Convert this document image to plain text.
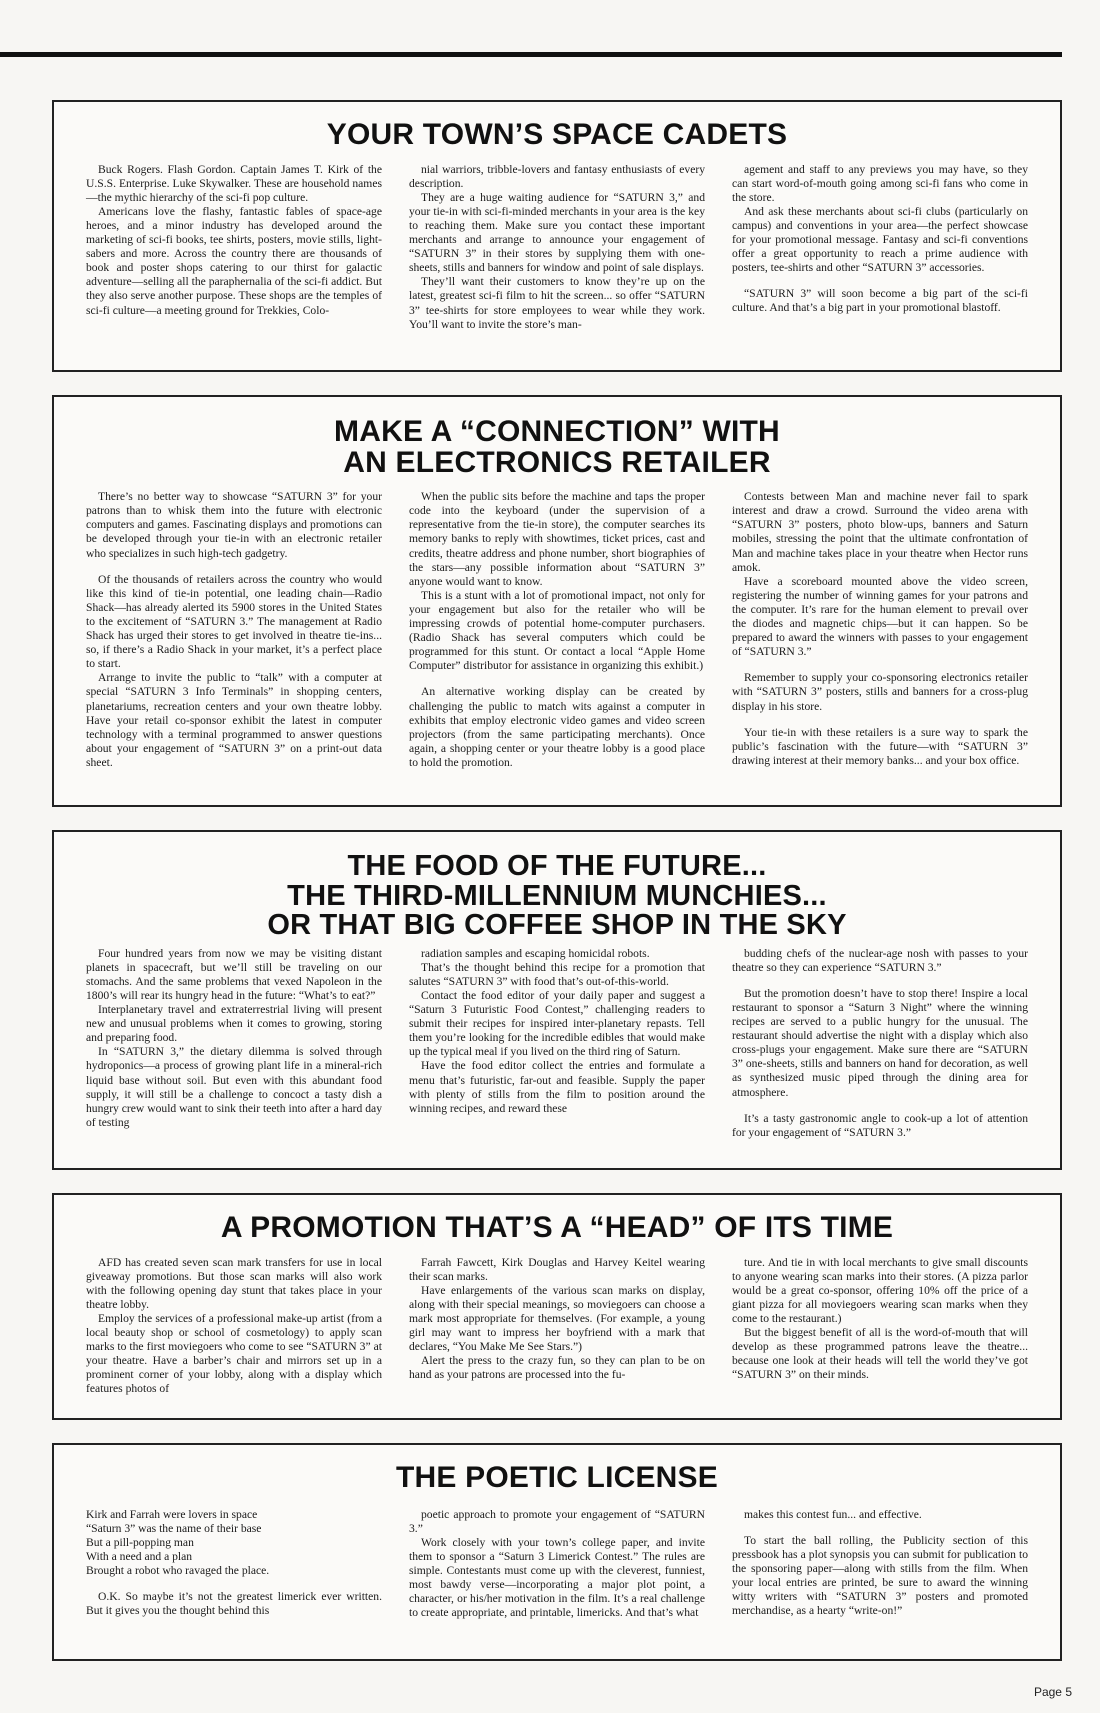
YOUR TOWN’S SPACE CADETS

Buck Rogers. Flash Gordon. Captain James T. Kirk of the U.S.S. Enterprise. Luke Skywalker. These are household names—the mythic hierarchy of the sci-fi pop culture.

Americans love the flashy, fantastic fables of space-age heroes, and a minor industry has developed around the marketing of sci-fi books, tee shirts, posters, movie stills, light-sabers and more. Across the country there are thousands of book and poster shops catering to our thirst for galactic adventure—selling all the paraphernalia of the sci-fi addict. But they also serve another purpose. These shops are the temples of sci-fi culture—a meeting ground for Trekkies, Colo-

nial warriors, tribble-lovers and fantasy enthusiasts of every description.

They are a huge waiting audience for “SATURN 3,” and your tie-in with sci-fi-minded merchants in your area is the key to reaching them. Make sure you contact these important merchants and arrange to announce your engagement of “SATURN 3” in their stores by supplying them with one-sheets, stills and banners for window and point of sale displays.

They’ll want their customers to know they’re up on the latest, greatest sci-fi film to hit the screen... so offer “SATURN 3” tee-shirts for store employees to wear while they work. You’ll want to invite the store’s man-

agement and staff to any previews you may have, so they can start word-of-mouth going among sci-fi fans who come in the store.

And ask these merchants about sci-fi clubs (particularly on campus) and conventions in your area—the perfect showcase for your promotional message. Fantasy and sci-fi conventions offer a great opportunity to reach a prime audience with posters, tee-shirts and other “SATURN 3” accessories.

“SATURN 3” will soon become a big part of the sci-fi culture. And that’s a big part in your promotional blastoff.

MAKE A “CONNECTION” WITH
AN ELECTRONICS RETAILER

There’s no better way to showcase “SATURN 3” for your patrons than to whisk them into the future with electronic computers and games. Fascinating displays and promotions can be developed through your tie-in with an electronic retailer who specializes in such high-tech gadgetry.

Of the thousands of retailers across the country who would like this kind of tie-in potential, one leading chain—Radio Shack—has already alerted its 5900 stores in the United States to the excitement of “SATURN 3.” The management at Radio Shack has urged their stores to get involved in theatre tie-ins... so, if there’s a Radio Shack in your market, it’s a perfect place to start.

Arrange to invite the public to “talk” with a computer at special “SATURN 3 Info Terminals” in shopping centers, planetariums, recreation centers and your own theatre lobby. Have your retail co-sponsor exhibit the latest in computer technology with a terminal programmed to answer questions about your engagement of “SATURN 3” on a print-out data sheet.

When the public sits before the machine and taps the proper code into the keyboard (under the supervision of a representative from the tie-in store), the computer searches its memory banks to reply with showtimes, ticket prices, cast and credits, theatre address and phone number, short biographies of the stars—any possible information about “SATURN 3” anyone would want to know.

This is a stunt with a lot of promotional impact, not only for your engagement but also for the retailer who will be impressing crowds of potential home-computer purchasers. (Radio Shack has several computers which could be programmed for this stunt. Or contact a local “Apple Home Computer” distributor for assistance in organizing this exhibit.)

An alternative working display can be created by challenging the public to match wits against a computer in exhibits that employ electronic video games and video screen projectors (from the same participating merchants). Once again, a shopping center or your theatre lobby is a good place to hold the promotion.

Contests between Man and machine never fail to spark interest and draw a crowd. Surround the video arena with “SATURN 3” posters, photo blow-ups, banners and Saturn mobiles, stressing the point that the ultimate confrontation of Man and machine takes place in your theatre when Hector runs amok.

Have a scoreboard mounted above the video screen, registering the number of winning games for your patrons and the computer. It’s rare for the human element to prevail over the diodes and magnetic chips—but it can happen. So be prepared to award the winners with passes to your engagement of “SATURN 3.”

Remember to supply your co-sponsoring electronics retailer with “SATURN 3” posters, stills and banners for a cross-plug display in his store.

Your tie-in with these retailers is a sure way to spark the public’s fascination with the future—with “SATURN 3” drawing interest at their memory banks... and your box office.

THE FOOD OF THE FUTURE...
THE THIRD-MILLENNIUM MUNCHIES...
OR THAT BIG COFFEE SHOP IN THE SKY

Four hundred years from now we may be visiting distant planets in spacecraft, but we’ll still be traveling on our stomachs. And the same problems that vexed Napoleon in the 1800’s will rear its hungry head in the future: “What’s to eat?”

Interplanetary travel and extraterrestrial living will present new and unusual problems when it comes to growing, storing and preparing food.

In “SATURN 3,” the dietary dilemma is solved through hydroponics—a process of growing plant life in a mineral-rich liquid base without soil. But even with this abundant food supply, it will still be a challenge to concoct a tasty dish a hungry crew would want to sink their teeth into after a hard day of testing

radiation samples and escaping homicidal robots.

That’s the thought behind this recipe for a promotion that salutes “SATURN 3” with food that’s out-of-this-world.

Contact the food editor of your daily paper and suggest a “Saturn 3 Futuristic Food Contest,” challenging readers to submit their recipes for inspired inter-planetary repasts. Tell them you’re looking for the incredible edibles that would make up the typical meal if you lived on the third ring of Saturn.

Have the food editor collect the entries and formulate a menu that’s futuristic, far-out and feasible. Supply the paper with plenty of stills from the film to position around the winning recipes, and reward these

budding chefs of the nuclear-age nosh with passes to your theatre so they can experience “SATURN 3.”

But the promotion doesn’t have to stop there! Inspire a local restaurant to sponsor a “Saturn 3 Night” where the winning recipes are served to a public hungry for the unusual. The restaurant should advertise the night with a display which also cross-plugs your engagement. Make sure there are “SATURN 3” one-sheets, stills and banners on hand for decoration, as well as synthesized music piped through the dining area for atmosphere.

It’s a tasty gastronomic angle to cook-up a lot of attention for your engagement of “SATURN 3.”

A PROMOTION THAT’S A “HEAD” OF ITS TIME

AFD has created seven scan mark transfers for use in local giveaway promotions. But those scan marks will also work with the following opening day stunt that takes place in your theatre lobby.

Employ the services of a professional make-up artist (from a local beauty shop or school of cosmetology) to apply scan marks to the first moviegoers who come to see “SATURN 3” at your theatre. Have a barber’s chair and mirrors set up in a prominent corner of your lobby, along with a display which features photos of

Farrah Fawcett, Kirk Douglas and Harvey Keitel wearing their scan marks.

Have enlargements of the various scan marks on display, along with their special meanings, so moviegoers can choose a mark most appropriate for themselves. (For example, a young girl may want to impress her boyfriend with a mark that declares, “You Make Me See Stars.”)

Alert the press to the crazy fun, so they can plan to be on hand as your patrons are processed into the fu-

ture. And tie in with local merchants to give small discounts to anyone wearing scan marks into their stores. (A pizza parlor would be a great co-sponsor, offering 10% off the price of a giant pizza for all moviegoers wearing scan marks when they come to the restaurant.)

But the biggest benefit of all is the word-of-mouth that will develop as these programmed patrons leave the theatre... because one look at their heads will tell the world they’ve got “SATURN 3” on their minds.

THE POETIC LICENSE

Kirk and Farrah were lovers in space
“Saturn 3” was the name of their base
But a pill-popping man
With a need and a plan
Brought a robot who ravaged the place.

O.K. So maybe it’s not the greatest limerick ever written. But it gives you the thought behind this

poetic approach to promote your engagement of “SATURN 3.”

Work closely with your town’s college paper, and invite them to sponsor a “Saturn 3 Limerick Contest.” The rules are simple. Contestants must come up with the cleverest, funniest, most bawdy verse—incorporating a major plot point, a character, or his/her motivation in the film. It’s a real challenge to create appropriate, and printable, limericks. And that’s what

makes this contest fun... and effective.

To start the ball rolling, the Publicity section of this pressbook has a plot synopsis you can submit for publication to the sponsoring paper—along with stills from the film. When your local entries are printed, be sure to award the winning witty writers with “SATURN 3” posters and promoted merchandise, as a hearty “write-on!”

Page 5
